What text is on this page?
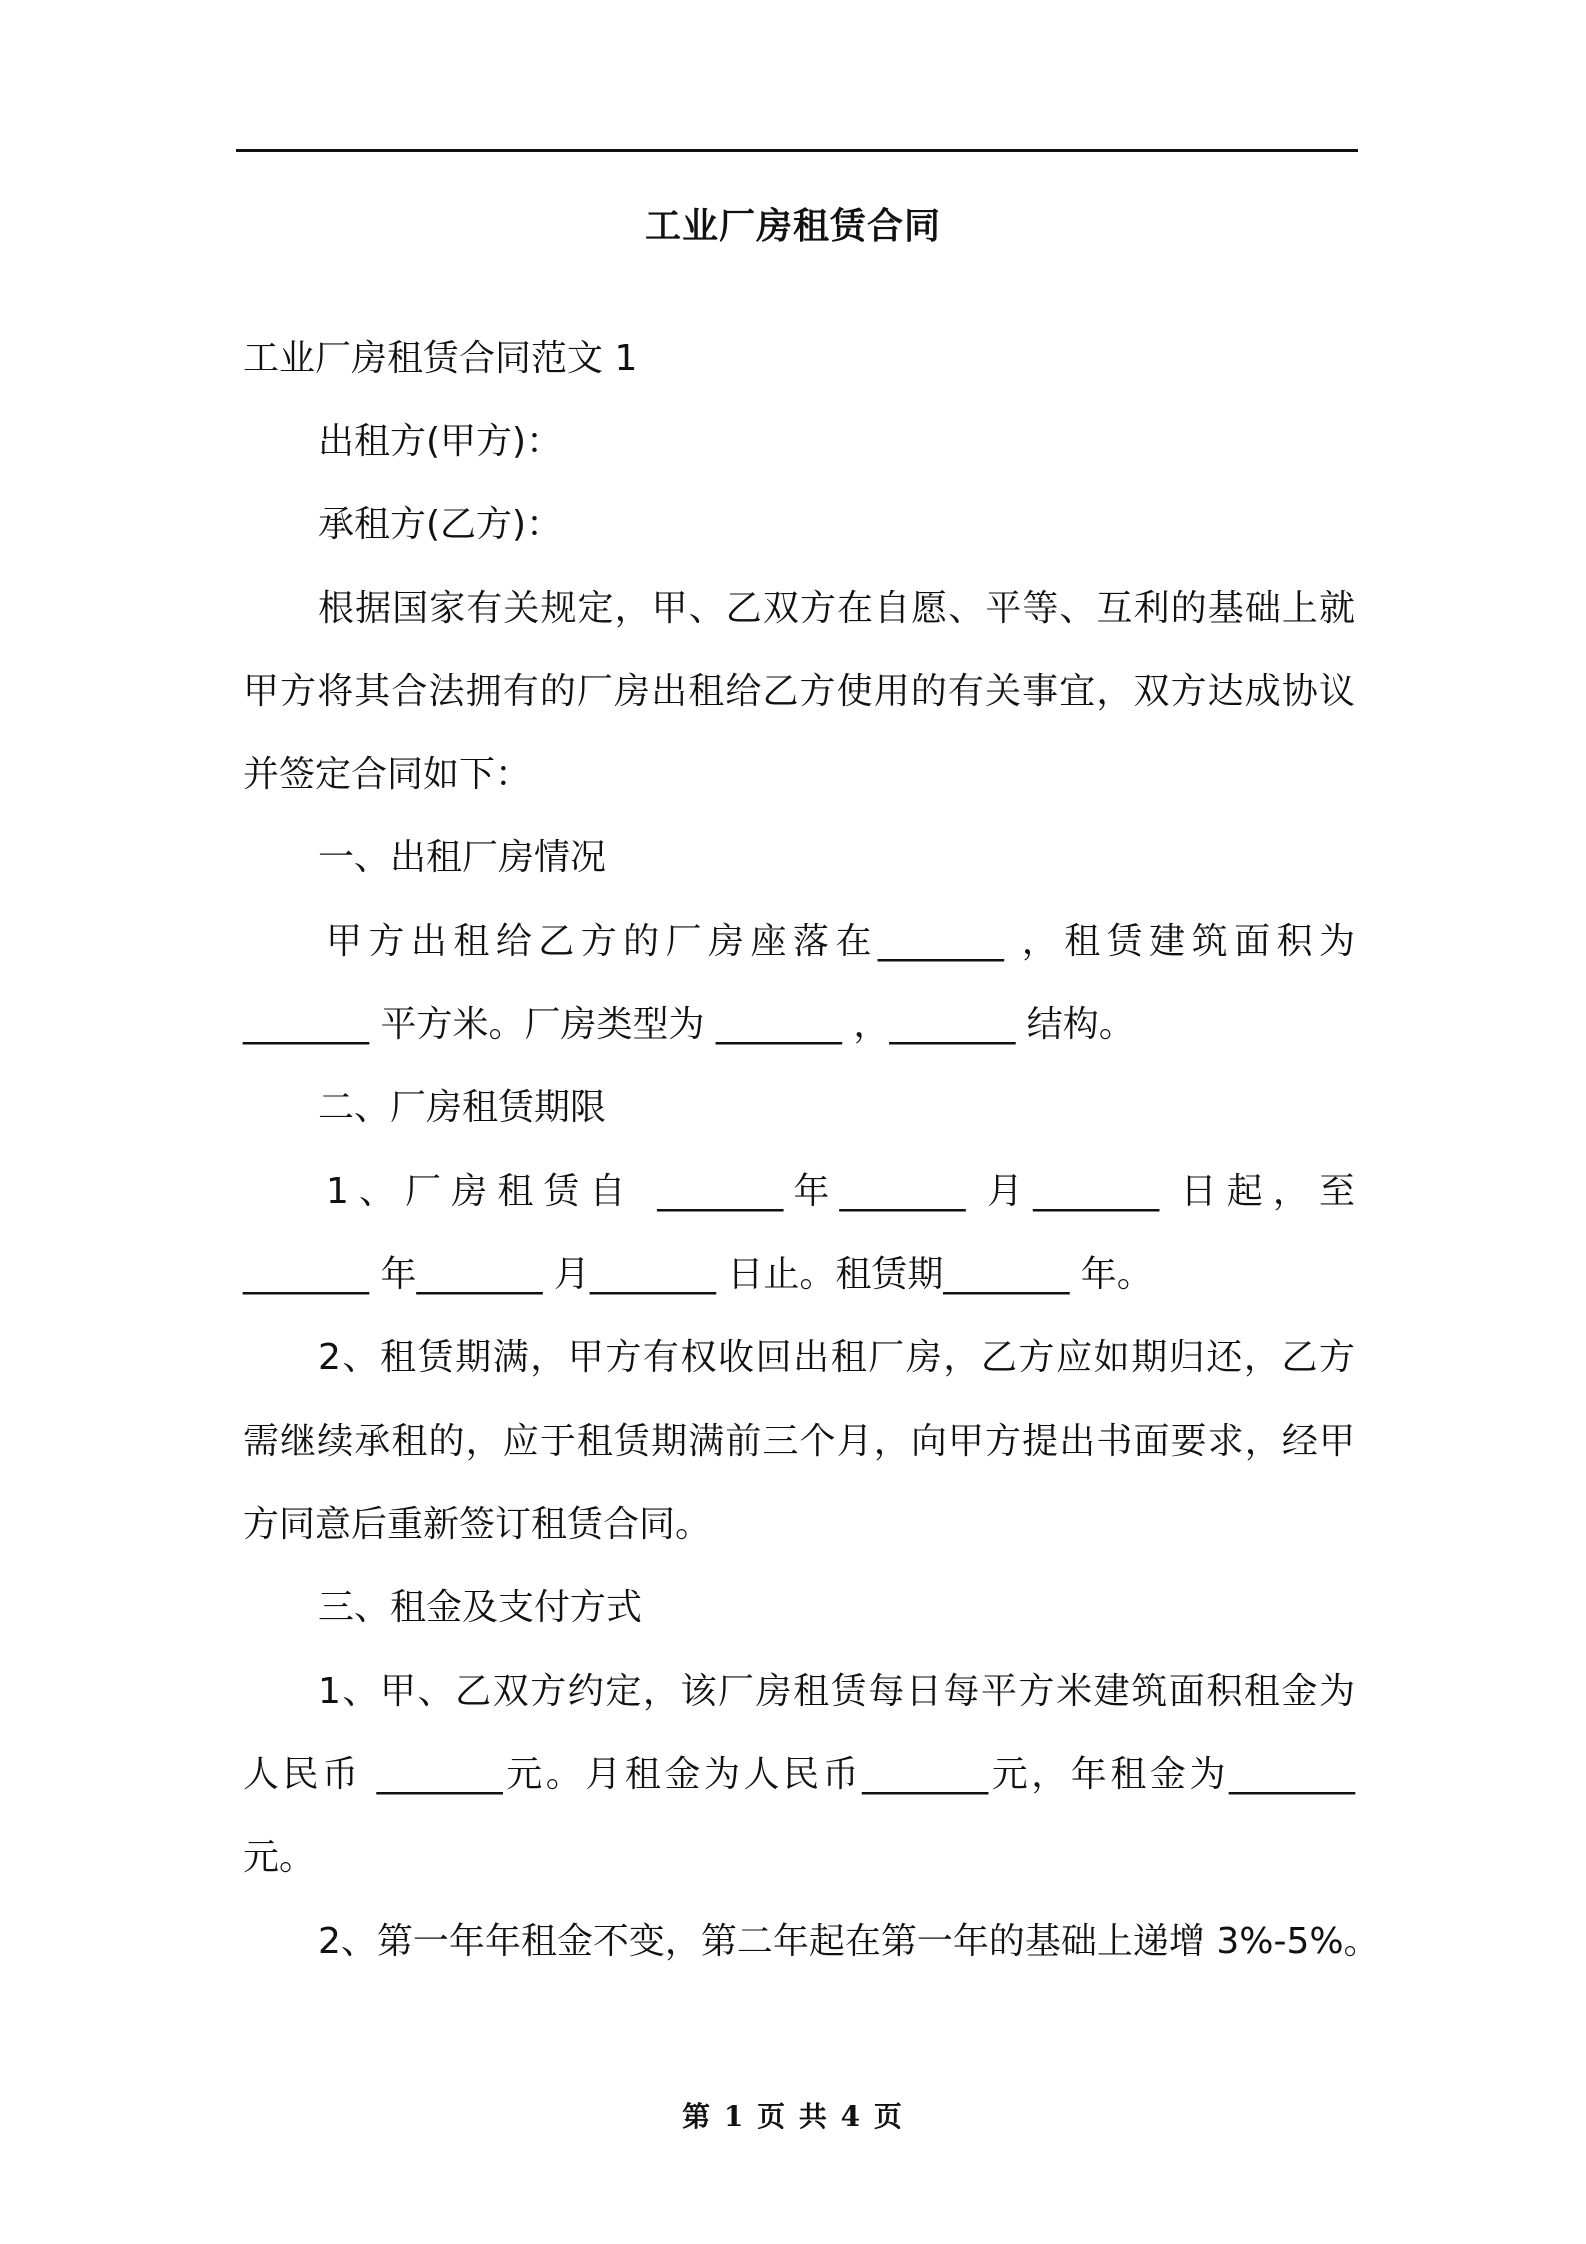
工业厂房租赁合同
工业厂房租赁合同范文 1
出租方(甲方)：
承租方(乙方)：
根据国家有关规定，甲、乙双方在自愿、平等、互利的基础上就
甲方将其合法拥有的厂房出租给乙方使用的有关事宜，双方达成协议
并签定合同如下：
一、出租厂房情况
甲方出租给乙方的厂房座落在_______ ，租赁建筑面积为
_______ 平方米。厂房类型为 _______ ，_______ 结构。
二、厂房租赁期限
1、厂房租赁自 _______年_______ 月_______ 日起，至
_______ 年_______ 月_______ 日止。租赁期_______ 年。
2、租赁期满，甲方有权收回出租厂房，乙方应如期归还，乙方
需继续承租的，应于租赁期满前三个月，向甲方提出书面要求，经甲
方同意后重新签订租赁合同。
三、租金及支付方式
1、甲、乙双方约定，该厂房租赁每日每平方米建筑面积租金为
人民币 _______元。月租金为人民币_______元，年租金为_______
元。
2、第一年年租金不变，第二年起在第一年的基础上递增 3%-5%。
第 1 页 共 4 页
